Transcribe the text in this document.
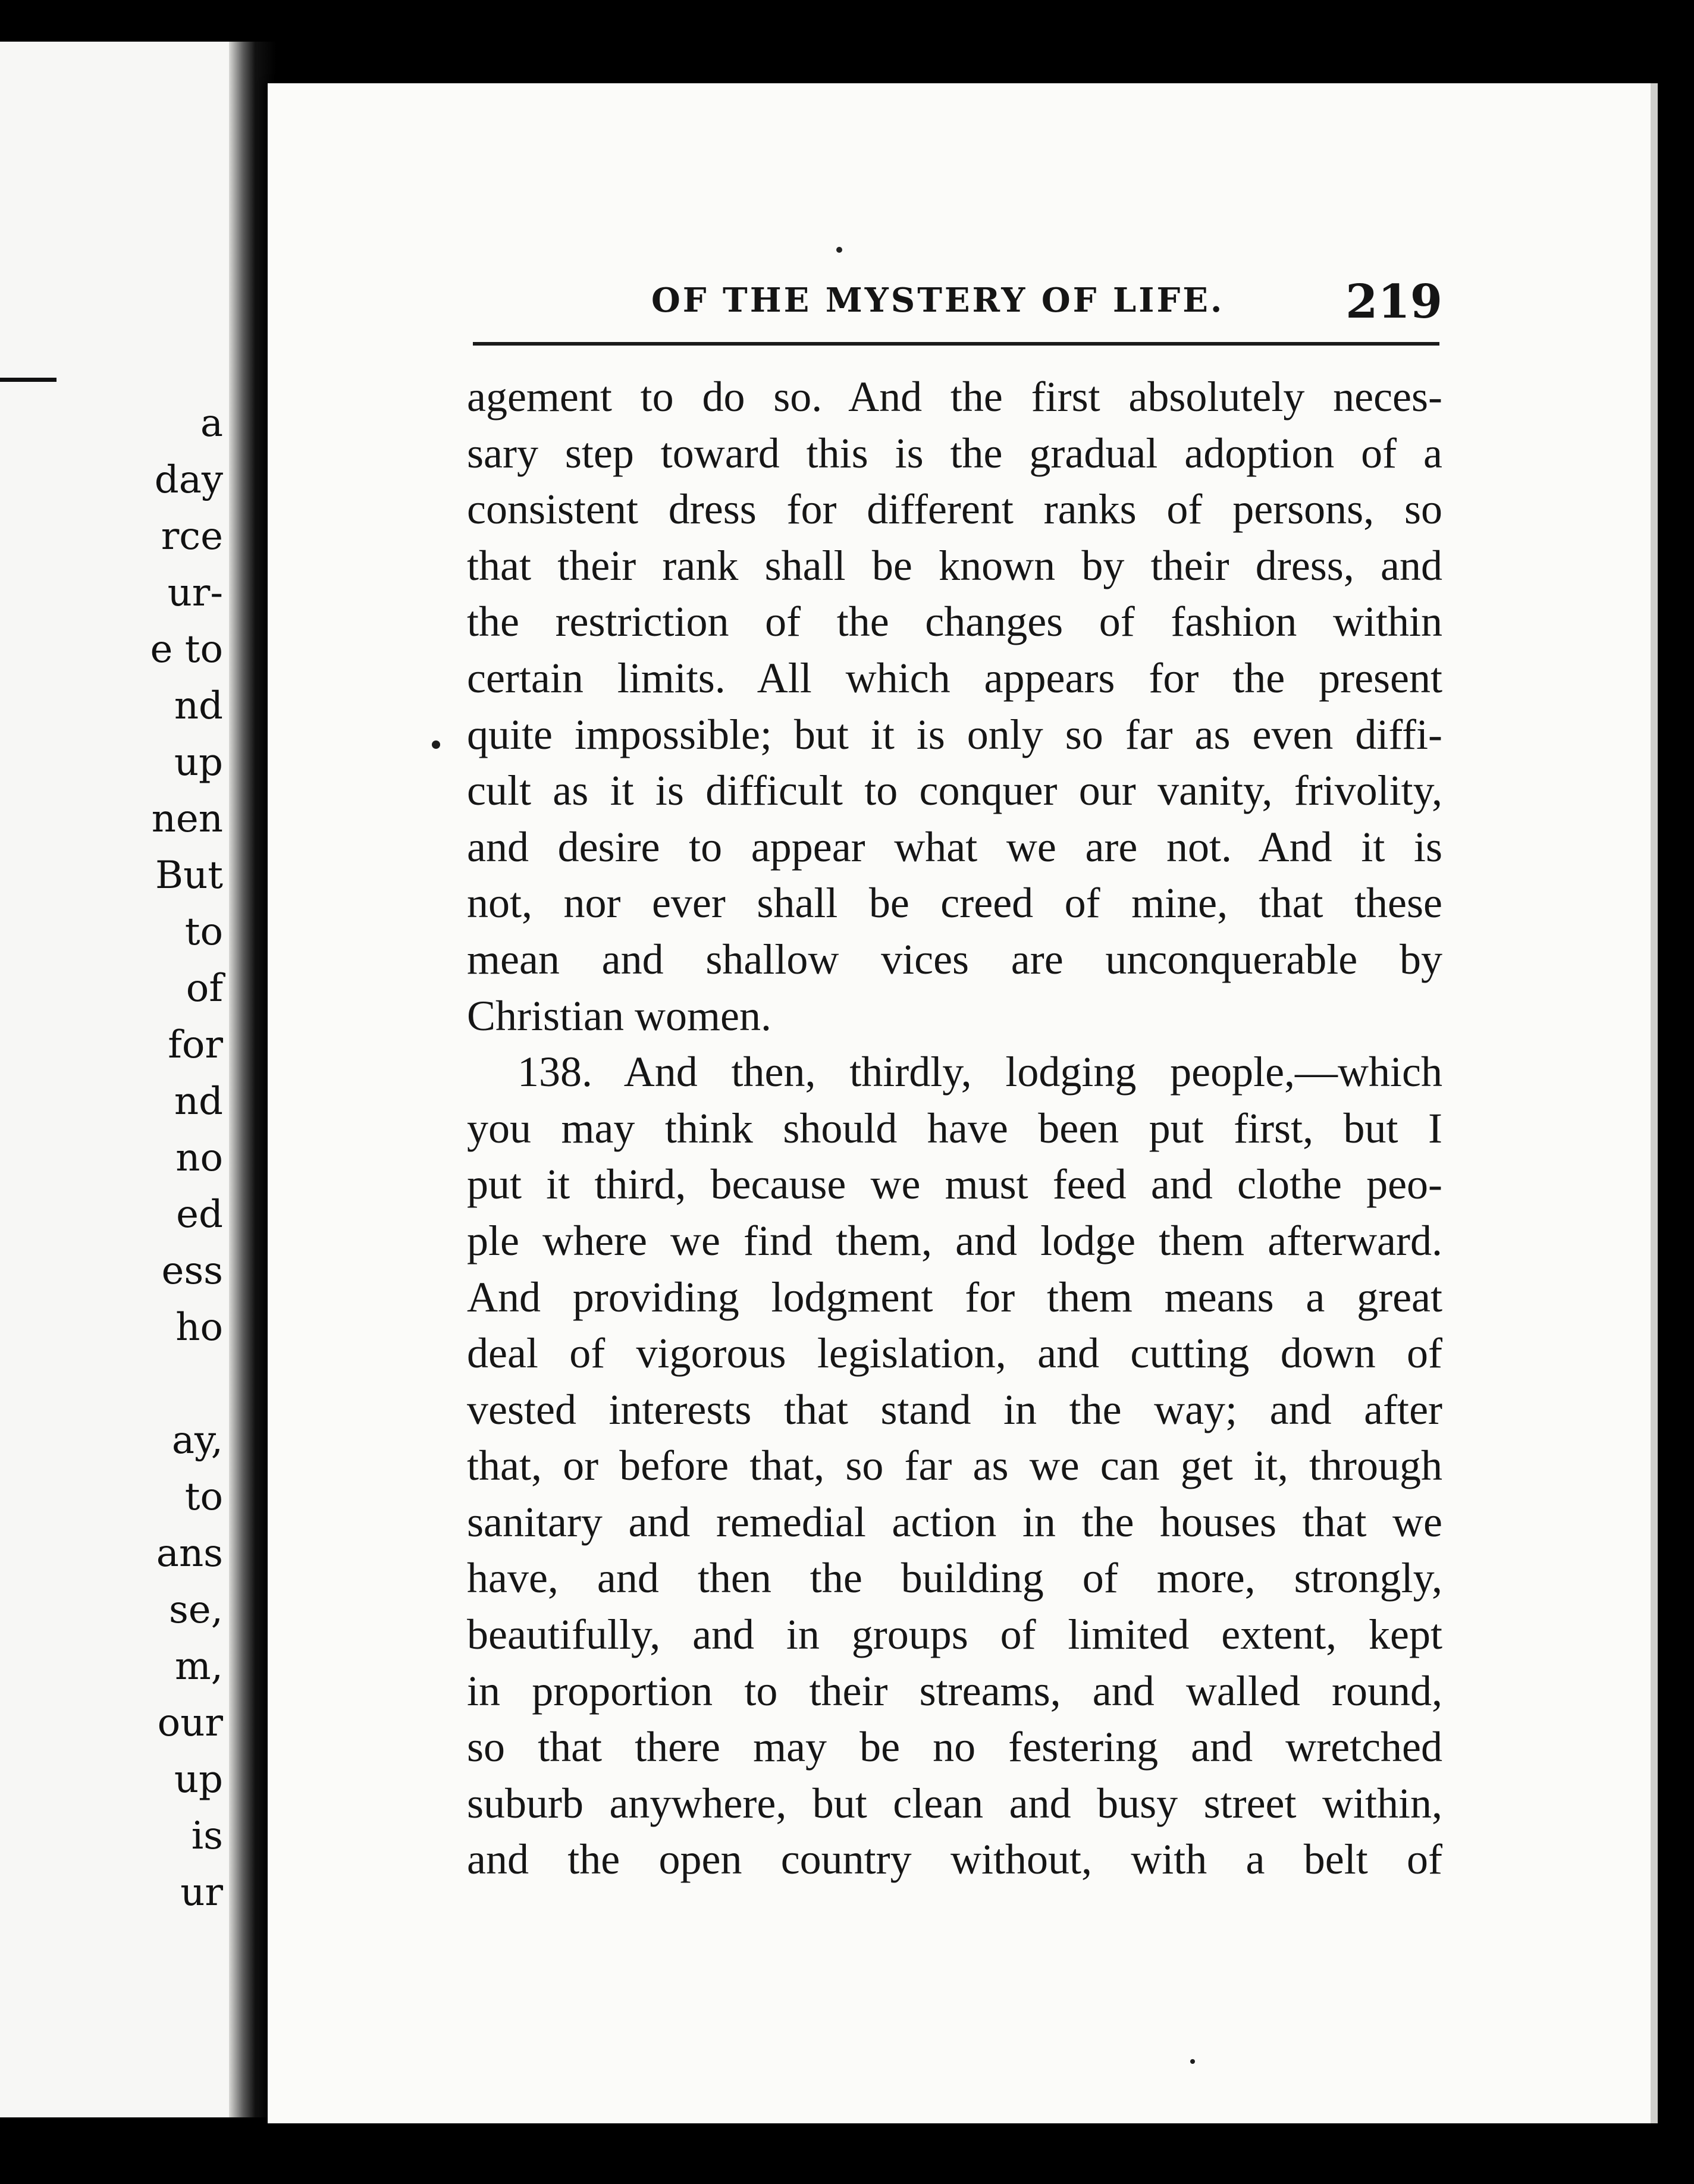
a
day
rce
ur-
e to
nd
up
nen
But
to
of
for
nd
no
ed
ess
ho
ay,
to
ans
se,
m,
our
up
is
ur
OF THE MYSTERY OF LIFE.	219
agement to do so. And the first absolutely neces-
sary step toward this is the gradual adoption of a
consistent dress for different ranks of persons, so
that their rank shall be known by their dress, and
the restriction of the changes of fashion within
certain limits. All which appears for the present
quite impossible; but it is only so far as even diffi-
cult as it is difficult to conquer our vanity, frivolity,
and desire to appear what we are not. And it is
not, nor ever shall be creed of mine, that these
mean and shallow vices are unconquerable by
Christian women.
138. And then, thirdly, lodging people,—which
you may think should have been put first, but I
put it third, because we must feed and clothe peo-
ple where we find them, and lodge them afterward.
And providing lodgment for them means a great
deal of vigorous legislation, and cutting down of
vested interests that stand in the way; and after
that, or before that, so far as we can get it, through
sanitary and remedial action in the houses that we
have, and then the building of more, strongly,
beautifully, and in groups of limited extent, kept
in proportion to their streams, and walled round,
so that there may be no festering and wretched
suburb anywhere, but clean and busy street within,
and the open country without, with a belt of
